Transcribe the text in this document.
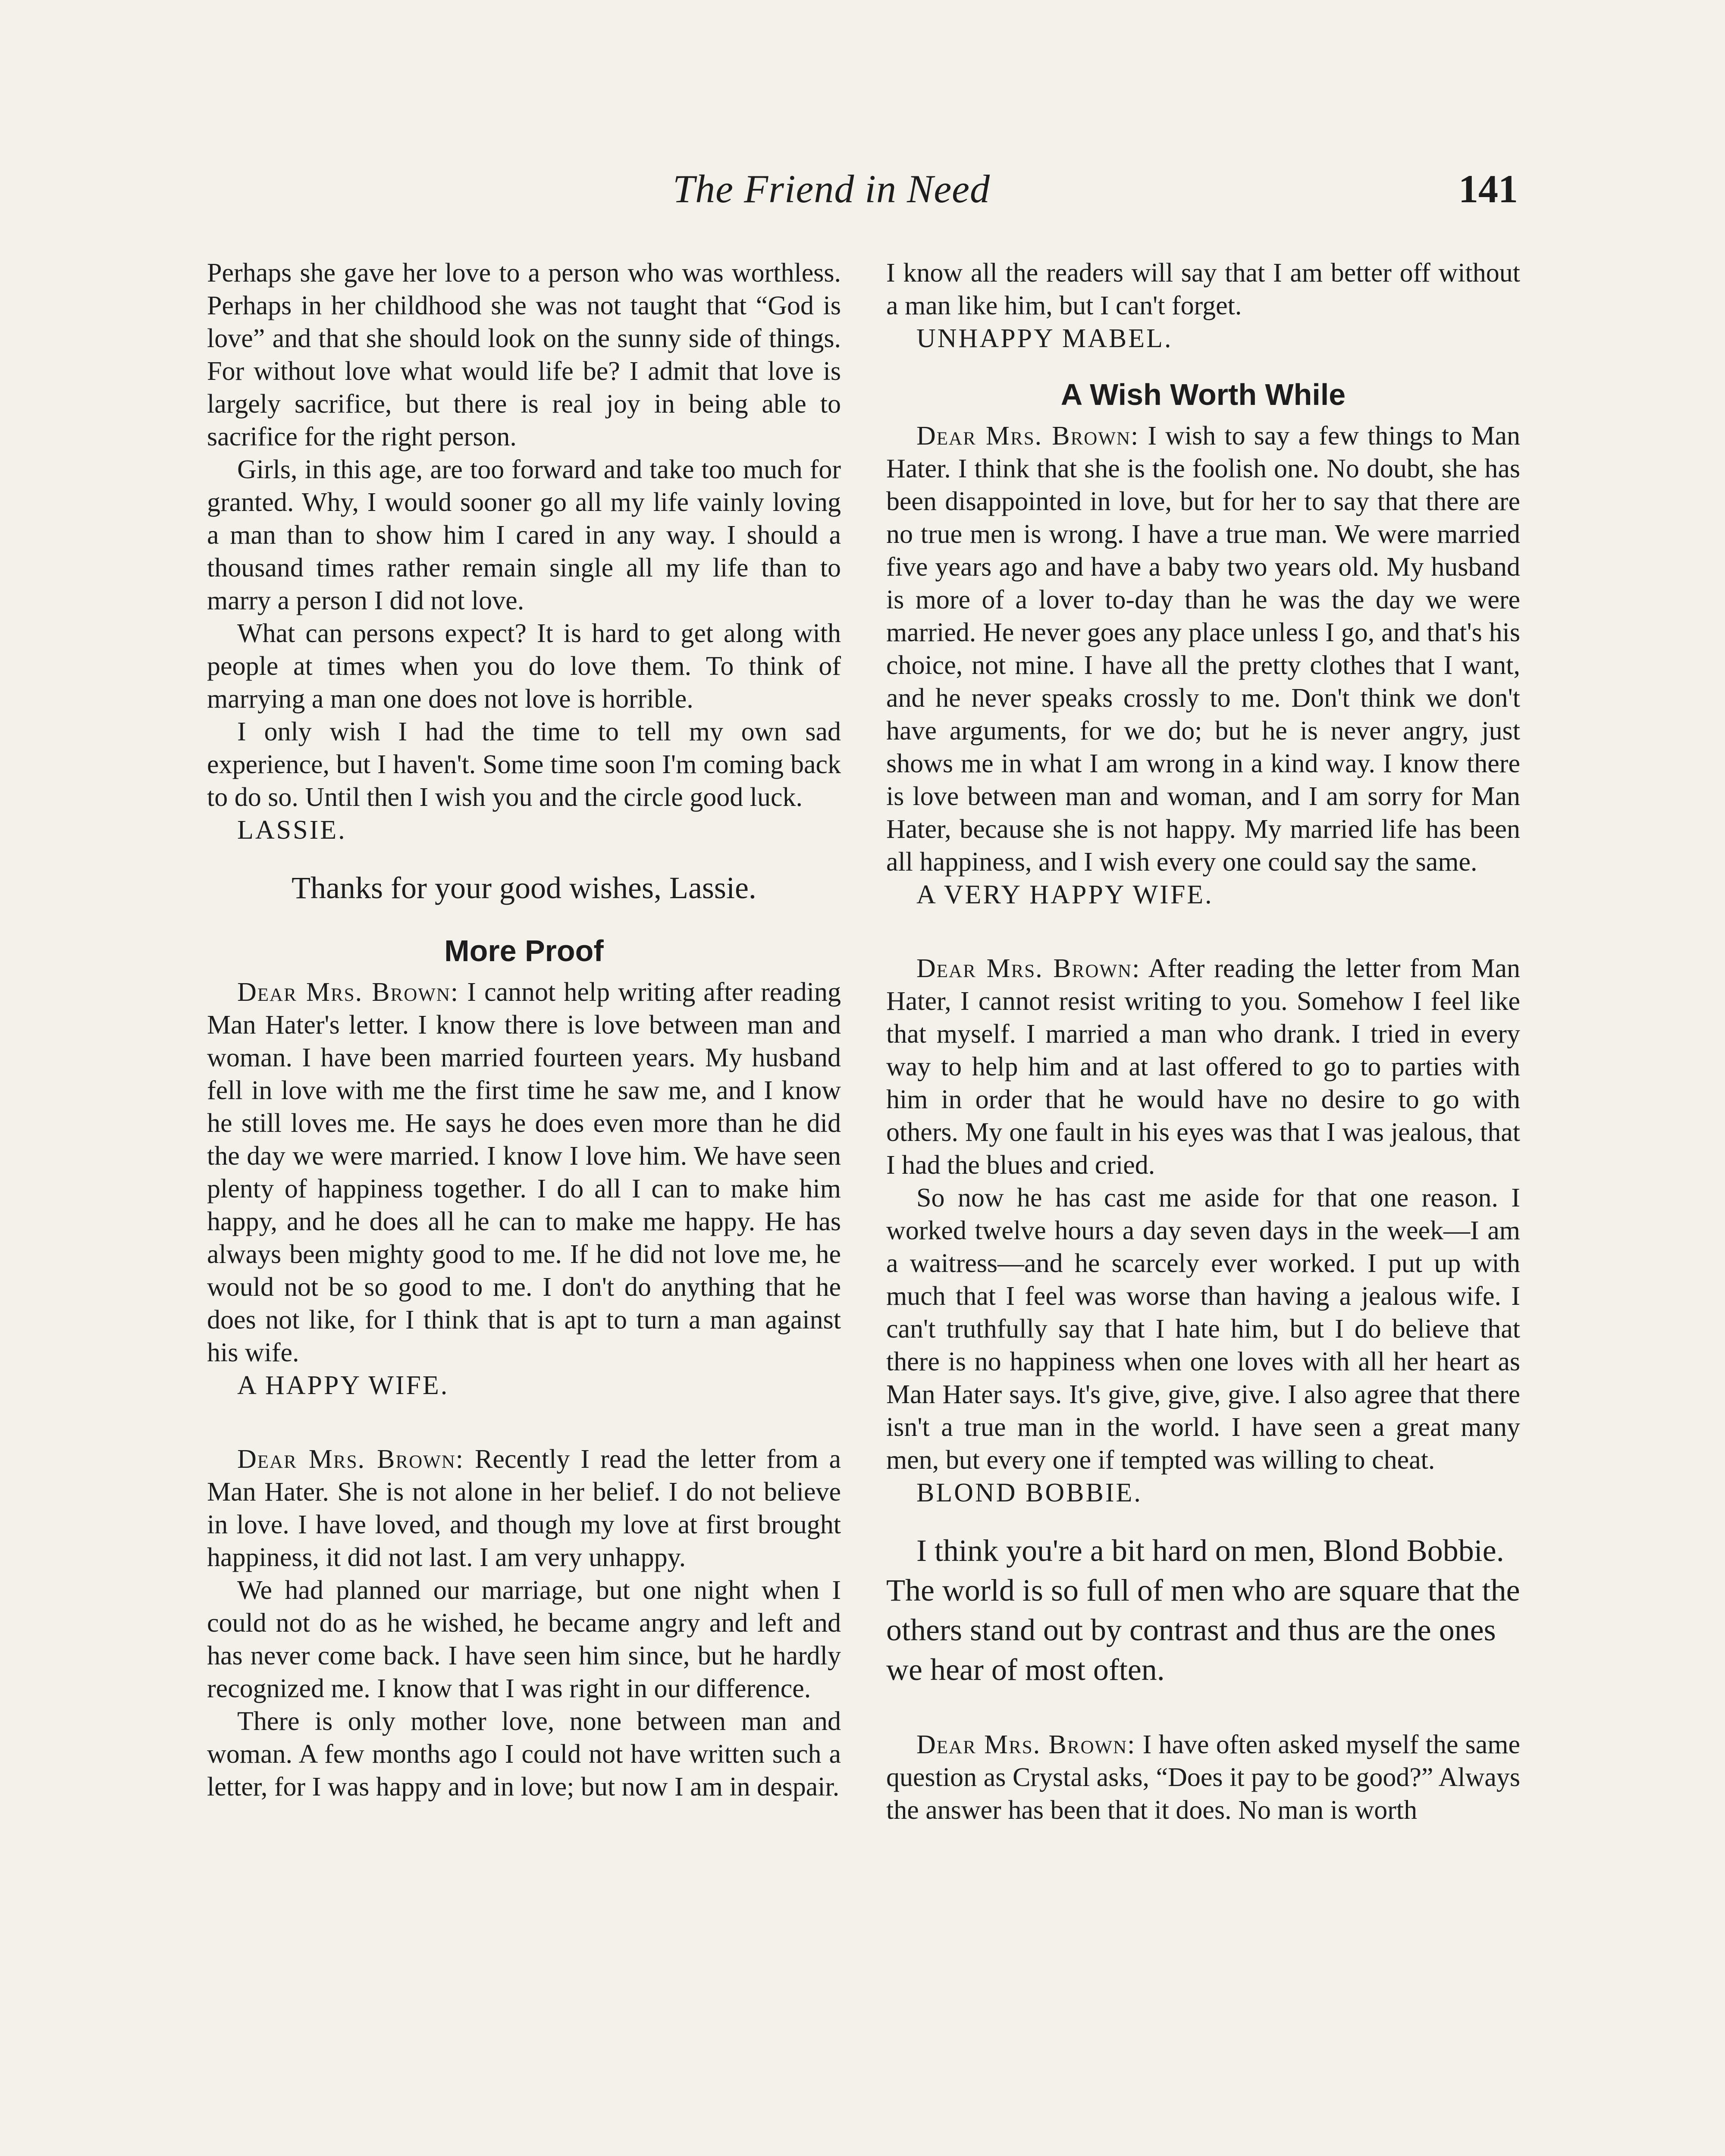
The Friend in Need	141

Perhaps she gave her love to a person who was worthless. Perhaps in her childhood she was not taught that “God is love” and that she should look on the sunny side of things. For without love what would life be? I admit that love is largely sacrifice, but there is real joy in being able to sacrifice for the right person.

Girls, in this age, are too forward and take too much for granted. Why, I would sooner go all my life vainly loving a man than to show him I cared in any way. I should a thousand times rather remain single all my life than to marry a person I did not love.

What can persons expect? It is hard to get along with people at times when you do love them. To think of marrying a man one does not love is horrible.

I only wish I had the time to tell my own sad experience, but I haven't. Some time soon I'm coming back to do so. Until then I wish you and the circle good luck.

LASSIE.

Thanks for your good wishes, Lassie.

More Proof

Dear Mrs. Brown: I cannot help writing after reading Man Hater's letter. I know there is love between man and woman. I have been married fourteen years. My husband fell in love with me the first time he saw me, and I know he still loves me. He says he does even more than he did the day we were married. I know I love him. We have seen plenty of happiness together. I do all I can to make him happy, and he does all he can to make me happy. He has always been mighty good to me. If he did not love me, he would not be so good to me. I don't do anything that he does not like, for I think that is apt to turn a man against his wife.

A HAPPY WIFE.

Dear Mrs. Brown: Recently I read the letter from a Man Hater. She is not alone in her belief. I do not believe in love. I have loved, and though my love at first brought happiness, it did not last. I am very unhappy.

We had planned our marriage, but one night when I could not do as he wished, he became angry and left and has never come back. I have seen him since, but he hardly recognized me. I know that I was right in our difference.

There is only mother love, none between man and woman. A few months ago I could not have written such a letter, for I was happy and in love; but now I am in despair.

I know all the readers will say that I am better off without a man like him, but I can't forget.

UNHAPPY MABEL.

A Wish Worth While

Dear Mrs. Brown: I wish to say a few things to Man Hater. I think that she is the foolish one. No doubt, she has been disappointed in love, but for her to say that there are no true men is wrong. I have a true man. We were married five years ago and have a baby two years old. My husband is more of a lover to-day than he was the day we were married. He never goes any place unless I go, and that's his choice, not mine. I have all the pretty clothes that I want, and he never speaks crossly to me. Don't think we don't have arguments, for we do; but he is never angry, just shows me in what I am wrong in a kind way. I know there is love between man and woman, and I am sorry for Man Hater, because she is not happy. My married life has been all happiness, and I wish every one could say the same.

A VERY HAPPY WIFE.

Dear Mrs. Brown: After reading the letter from Man Hater, I cannot resist writing to you. Somehow I feel like that myself. I married a man who drank. I tried in every way to help him and at last offered to go to parties with him in order that he would have no desire to go with others. My one fault in his eyes was that I was jealous, that I had the blues and cried.

So now he has cast me aside for that one reason. I worked twelve hours a day seven days in the week—I am a waitress—and he scarcely ever worked. I put up with much that I feel was worse than having a jealous wife. I can't truthfully say that I hate him, but I do believe that there is no happiness when one loves with all her heart as Man Hater says. It's give, give, give. I also agree that there isn't a true man in the world. I have seen a great many men, but every one if tempted was willing to cheat.

BLOND BOBBIE.

I think you're a bit hard on men, Blond Bobbie. The world is so full of men who are square that the others stand out by contrast and thus are the ones we hear of most often.

Dear Mrs. Brown: I have often asked myself the same question as Crystal asks, “Does it pay to be good?” Always the answer has been that it does. No man is worth
